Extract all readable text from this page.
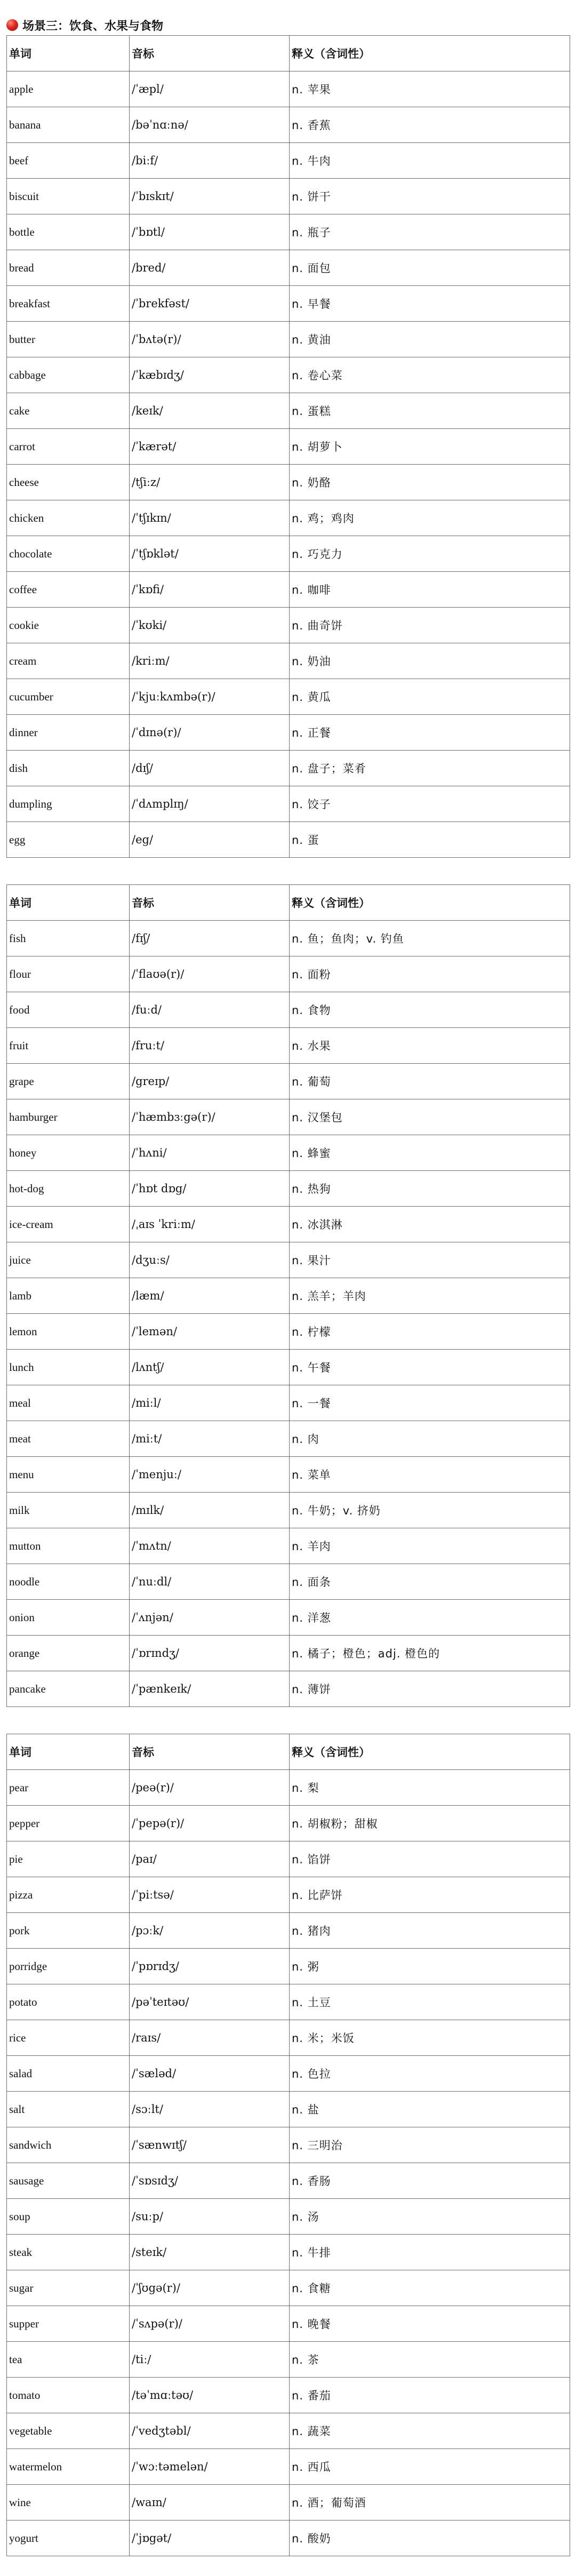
场景三：饮食、水果与食物
单词	音标	释义（含词性）
apple	/ˈæpl/	n. 苹果
banana	/bəˈnɑːnə/	n. 香蕉
beef	/biːf/	n. 牛肉
biscuit	/ˈbɪskɪt/	n. 饼干
bottle	/ˈbɒtl/	n. 瓶子
bread	/bred/	n. 面包
breakfast	/ˈbrekfəst/	n. 早餐
butter	/ˈbʌtə(r)/	n. 黄油
cabbage	/ˈkæbɪdʒ/	n. 卷心菜
cake	/keɪk/	n. 蛋糕
carrot	/ˈkærət/	n. 胡萝卜
cheese	/tʃiːz/	n. 奶酪
chicken	/ˈtʃɪkɪn/	n. 鸡；鸡肉
chocolate	/ˈtʃɒklət/	n. 巧克力
coffee	/ˈkɒfi/	n. 咖啡
cookie	/ˈkʊki/	n. 曲奇饼
cream	/kriːm/	n. 奶油
cucumber	/ˈkjuːkʌmbə(r)/	n. 黄瓜
dinner	/ˈdɪnə(r)/	n. 正餐
dish	/dɪʃ/	n. 盘子；菜肴
dumpling	/ˈdʌmplɪŋ/	n. 饺子
egg	/eg/	n. 蛋
单词	音标	释义（含词性）
fish	/fɪʃ/	n. 鱼；鱼肉；v. 钓鱼
flour	/ˈflaʊə(r)/	n. 面粉
food	/fuːd/	n. 食物
fruit	/fruːt/	n. 水果
grape	/greɪp/	n. 葡萄
hamburger	/ˈhæmbɜːgə(r)/	n. 汉堡包
honey	/ˈhʌni/	n. 蜂蜜
hot-dog	/ˈhɒt dɒg/	n. 热狗
ice-cream	/ˌaɪs ˈkriːm/	n. 冰淇淋
juice	/dʒuːs/	n. 果汁
lamb	/læm/	n. 羔羊；羊肉
lemon	/ˈlemən/	n. 柠檬
lunch	/lʌntʃ/	n. 午餐
meal	/miːl/	n. 一餐
meat	/miːt/	n. 肉
menu	/ˈmenjuː/	n. 菜单
milk	/mɪlk/	n. 牛奶；v. 挤奶
mutton	/ˈmʌtn/	n. 羊肉
noodle	/ˈnuːdl/	n. 面条
onion	/ˈʌnjən/	n. 洋葱
orange	/ˈɒrɪndʒ/	n. 橘子；橙色；adj. 橙色的
pancake	/ˈpænkeɪk/	n. 薄饼
单词	音标	释义（含词性）
pear	/peə(r)/	n. 梨
pepper	/ˈpepə(r)/	n. 胡椒粉；甜椒
pie	/paɪ/	n. 馅饼
pizza	/ˈpiːtsə/	n. 比萨饼
pork	/pɔːk/	n. 猪肉
porridge	/ˈpɒrɪdʒ/	n. 粥
potato	/pəˈteɪtəʊ/	n. 土豆
rice	/raɪs/	n. 米；米饭
salad	/ˈsæləd/	n. 色拉
salt	/sɔːlt/	n. 盐
sandwich	/ˈsænwɪtʃ/	n. 三明治
sausage	/ˈsɒsɪdʒ/	n. 香肠
soup	/suːp/	n. 汤
steak	/steɪk/	n. 牛排
sugar	/ˈʃʊgə(r)/	n. 食糖
supper	/ˈsʌpə(r)/	n. 晚餐
tea	/tiː/	n. 茶
tomato	/təˈmɑːtəʊ/	n. 番茄
vegetable	/ˈvedʒtəbl/	n. 蔬菜
watermelon	/ˈwɔːtəmelən/	n. 西瓜
wine	/waɪn/	n. 酒；葡萄酒
yogurt	/ˈjɒgət/	n. 酸奶
